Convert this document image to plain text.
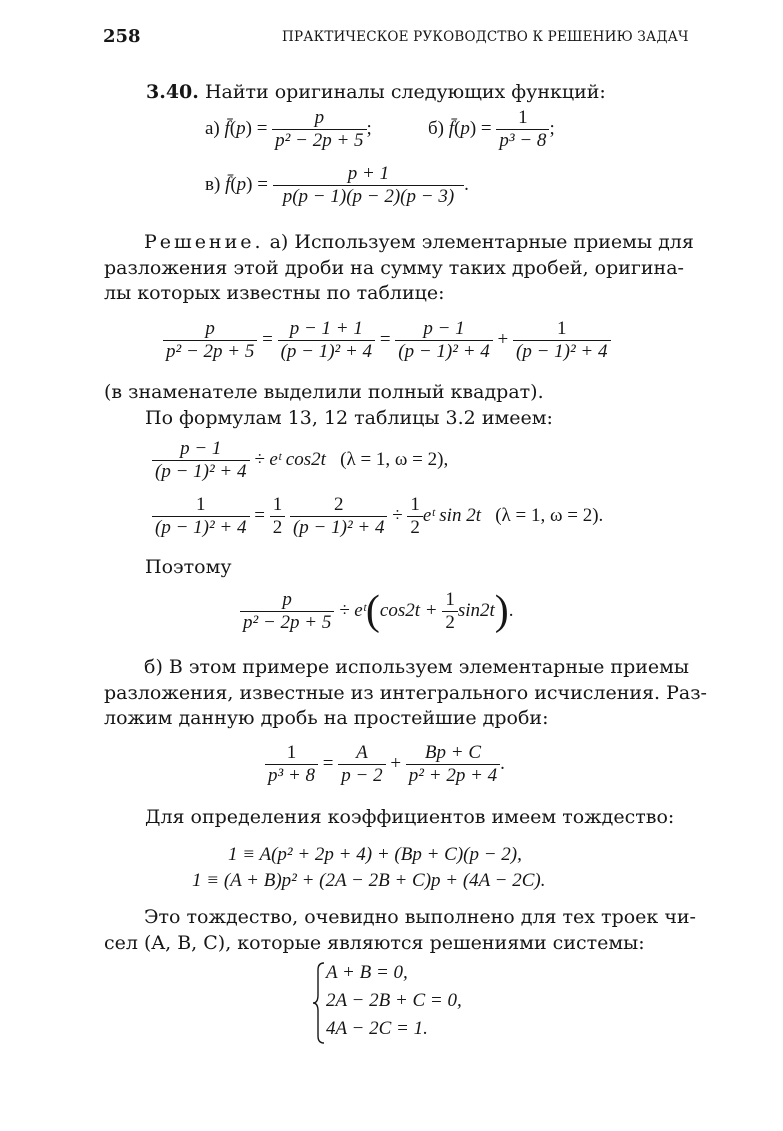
258	ПРАКТИЧЕСКОЕ РУКОВОДСТВО К РЕШЕНИЮ ЗАДАЧ
3.40. Найти оригиналы следующих функций:
а) f̄(p) = $\frac{p}{\text{p² − 2p + 5}}$ ;	б) f̄(p) = $\frac{1}{\text{p³ − 8}}$ ;
в) f̄(p) = $\frac{p + 1}{p(p - 1)(p - 2)(p - 3)}$ .
Решение. а) Используем элементарные приемы для
разложения этой дроби на сумму таких дробей, оригина-
лы которых известны по таблице:
$\frac{p}{\text{p² − 2p + 5}} = \frac{p - 1 + 1}{\text{(p − 1)² + 4}} = \frac{p - 1}{\text{(p − 1)² + 4}} + \frac{1}{\text{(p − 1)² + 4}}$
(в знаменателе выделили полный квадрат).
По формулам 13, 12 таблицы 3.2 имеем:
$\frac{p - 1}{\text{(p − 1)² + 4}}$ ÷ eᵗ cos2t (λ = 1, ω = 2),
$\frac{1}{\text{(p − 1)² + 4}} = \frac{1}{2}$
$\frac{2}{\text{(p − 1)² + 4}} \div \frac{1}{2}$ eᵗ sin 2t (λ = 1, ω = 2).
Поэтому
$\frac{p}{\text{p² − 2p + 5}}$ ÷ eᵗ(cos2t + $\frac{1}{2} \sin 2t$).
б) В этом примере используем элементарные приемы
разложения, известные из интегрального исчисления. Раз-
ложим данную дробь на простейшие дроби:
$\frac{1}{\text{p³ + 8}} = \frac{A}{p - 2} + \frac{Bp + C}{\text{p² + 2p + 4}}$ .
Для определения коэффициентов имеем тождество:
1 ≡ A(p² + 2p + 4) + (Bp + C)(p − 2),
1 ≡ (A + B)p² + (2A − 2B + C)p + (4A − 2C).
Это тождество, очевидно выполнено для тех троек чи-
сел (A, B, C), которые являются решениями системы:
A + B = 0,
2A − 2B + C = 0,
4A − 2C = 1.
